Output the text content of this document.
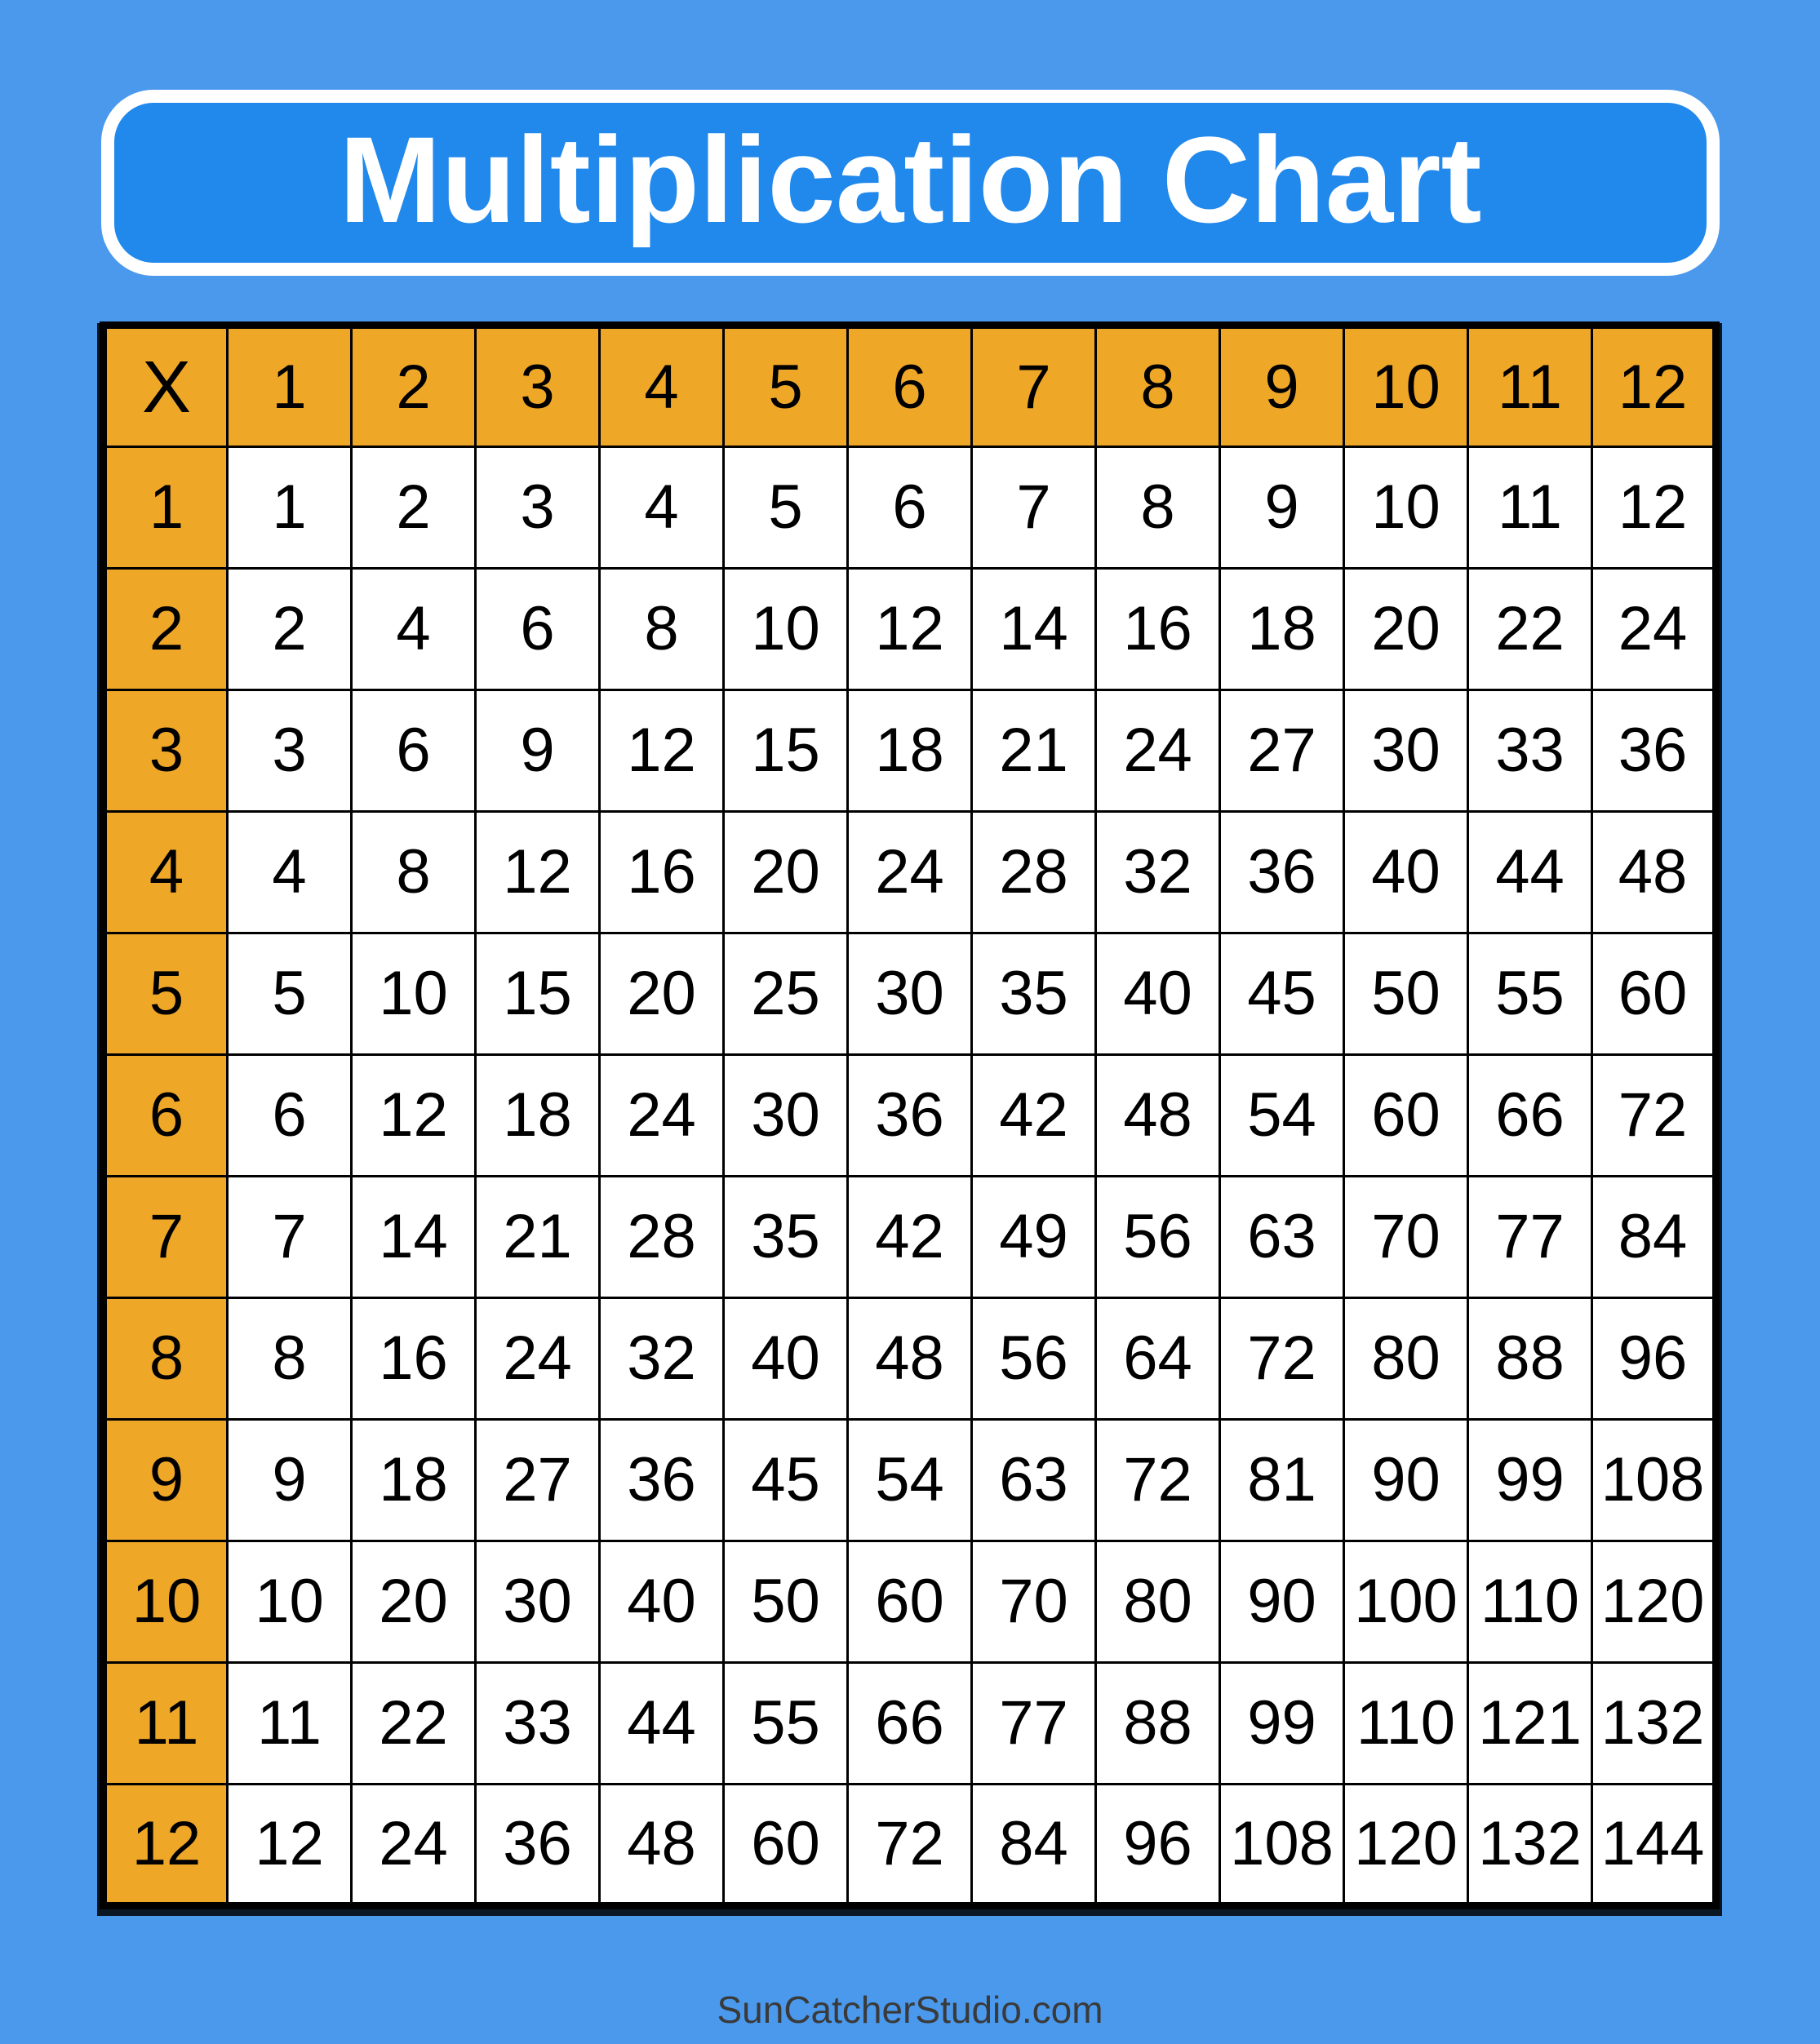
Multiplication Chart
X	1	2	3	4	5	6	7	8	9	10	11	12
1	1	2	3	4	5	6	7	8	9	10	11	12
2	2	4	6	8	10	12	14	16	18	20	22	24
3	3	6	9	12	15	18	21	24	27	30	33	36
4	4	8	12	16	20	24	28	32	36	40	44	48
5	5	10	15	20	25	30	35	40	45	50	55	60
6	6	12	18	24	30	36	42	48	54	60	66	72
7	7	14	21	28	35	42	49	56	63	70	77	84
8	8	16	24	32	40	48	56	64	72	80	88	96
9	9	18	27	36	45	54	63	72	81	90	99	108
10	10	20	30	40	50	60	70	80	90	100	110	120
11	11	22	33	44	55	66	77	88	99	110	121	132
12	12	24	36	48	60	72	84	96	108	120	132	144
SunCatcherStudio.com
